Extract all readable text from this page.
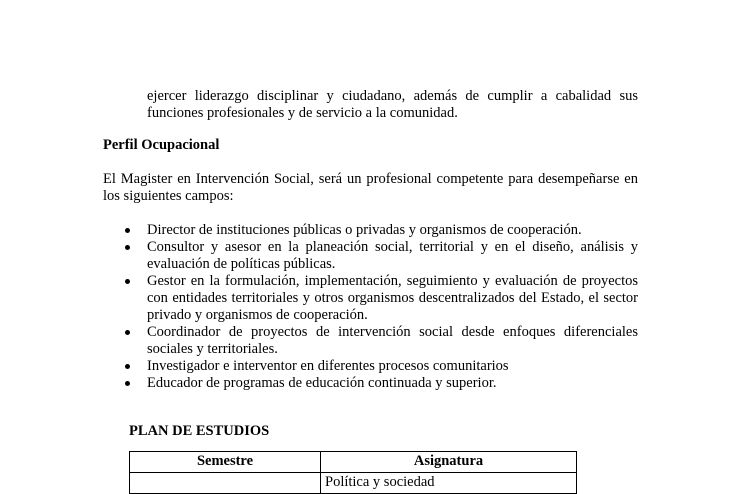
ejercer liderazgo disciplinar y ciudadano, además de cumplir a cabalidad sus funciones profesionales y de servicio a la comunidad.

Perfil Ocupacional

El Magister en Intervención Social, será un profesional competente para desempeñarse en los siguientes campos:

Director de instituciones públicas o privadas y organismos de cooperación.
Consultor y asesor en la planeación social, territorial y en el diseño, análisis y evaluación de políticas públicas.
Gestor en la formulación, implementación, seguimiento y evaluación de proyectos con entidades territoriales y otros organismos descentralizados del Estado, el sector privado y organismos de cooperación.
Coordinador de proyectos de intervención social desde enfoques diferenciales sociales y territoriales.
Investigador e interventor en diferentes procesos comunitarios
Educador de programas de educación continuada y superior.

PLAN DE ESTUDIOS

Semestre	Asignatura
	Política y sociedad
